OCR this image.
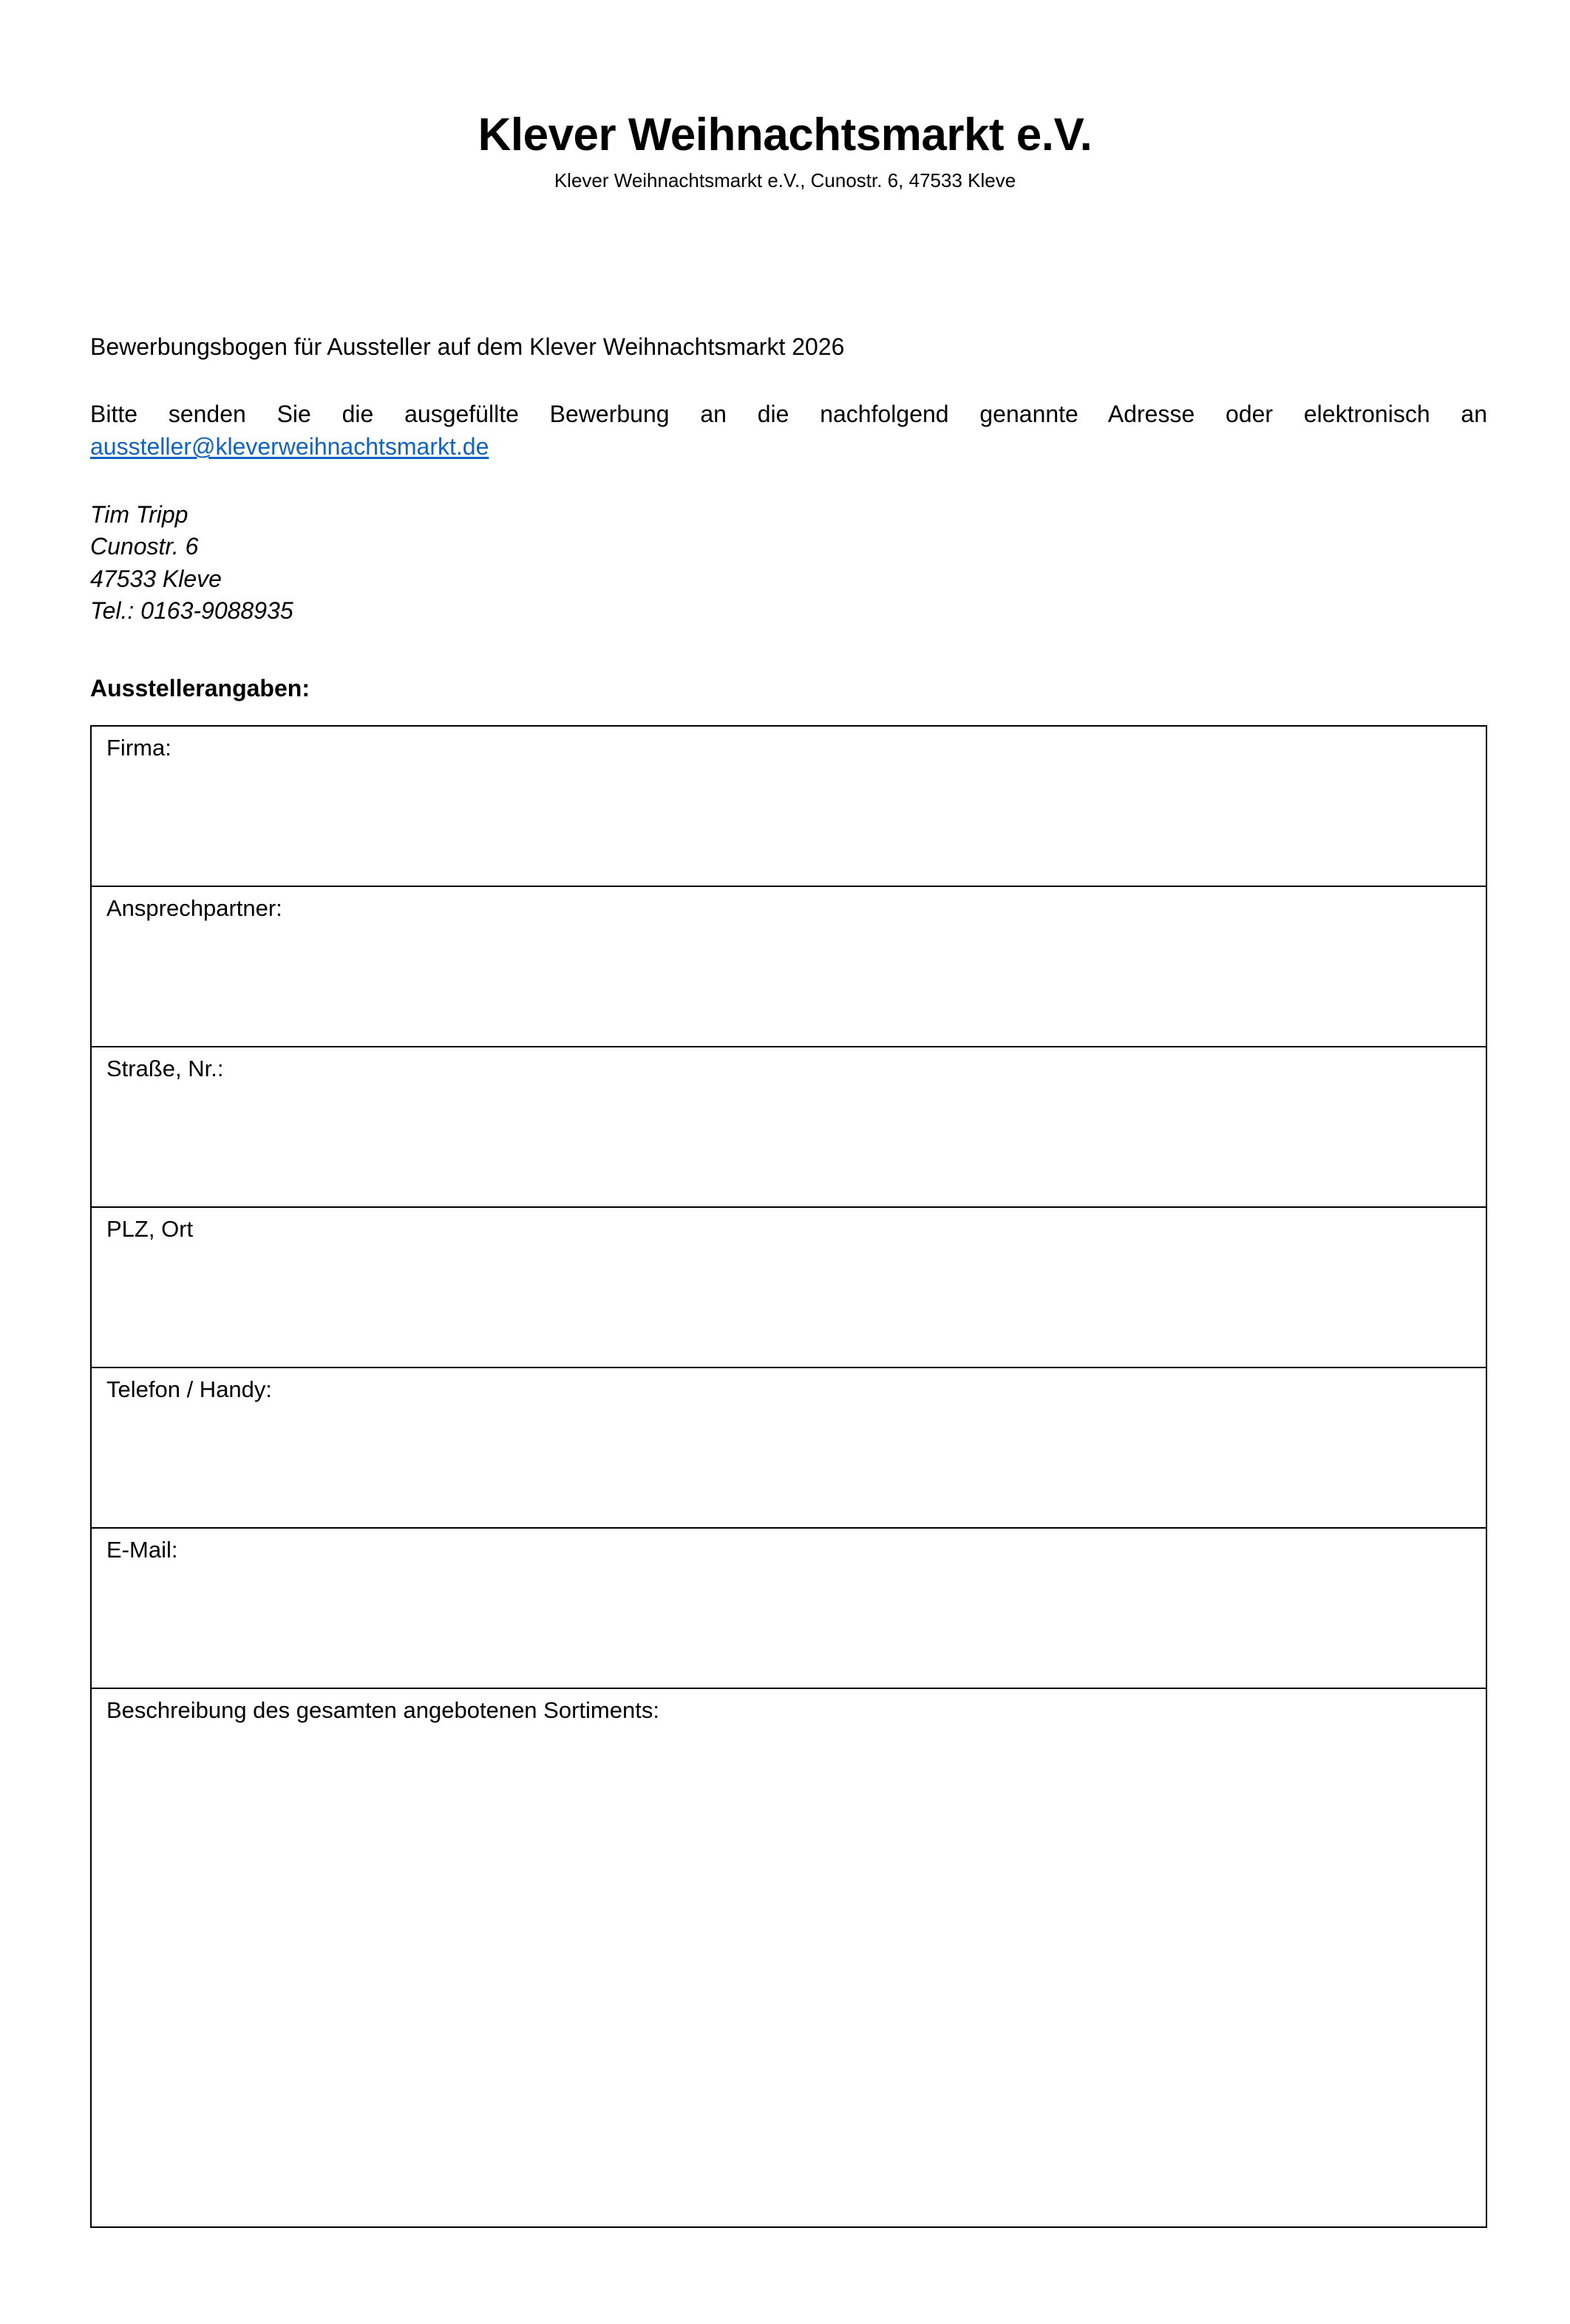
Klever Weihnachtsmarkt e.V.

Klever Weihnachtsmarkt e.V., Cunostr. 6, 47533 Kleve

Bewerbungsbogen für Aussteller auf dem Klever Weihnachtsmarkt 2026

Bitte senden Sie die ausgefüllte Bewerbung an die nachfolgend genannte Adresse oder elektronisch an aussteller@kleverweihnachtsmarkt.de

Tim Tripp
Cunostr. 6
47533 Kleve
Tel.: 0163-9088935
Ausstellerangaben:
Firma:

Ansprechpartner:

Straße, Nr.:

PLZ, Ort

Telefon / Handy:

E-Mail:

Beschreibung des gesamten angebotenen Sortiments:
